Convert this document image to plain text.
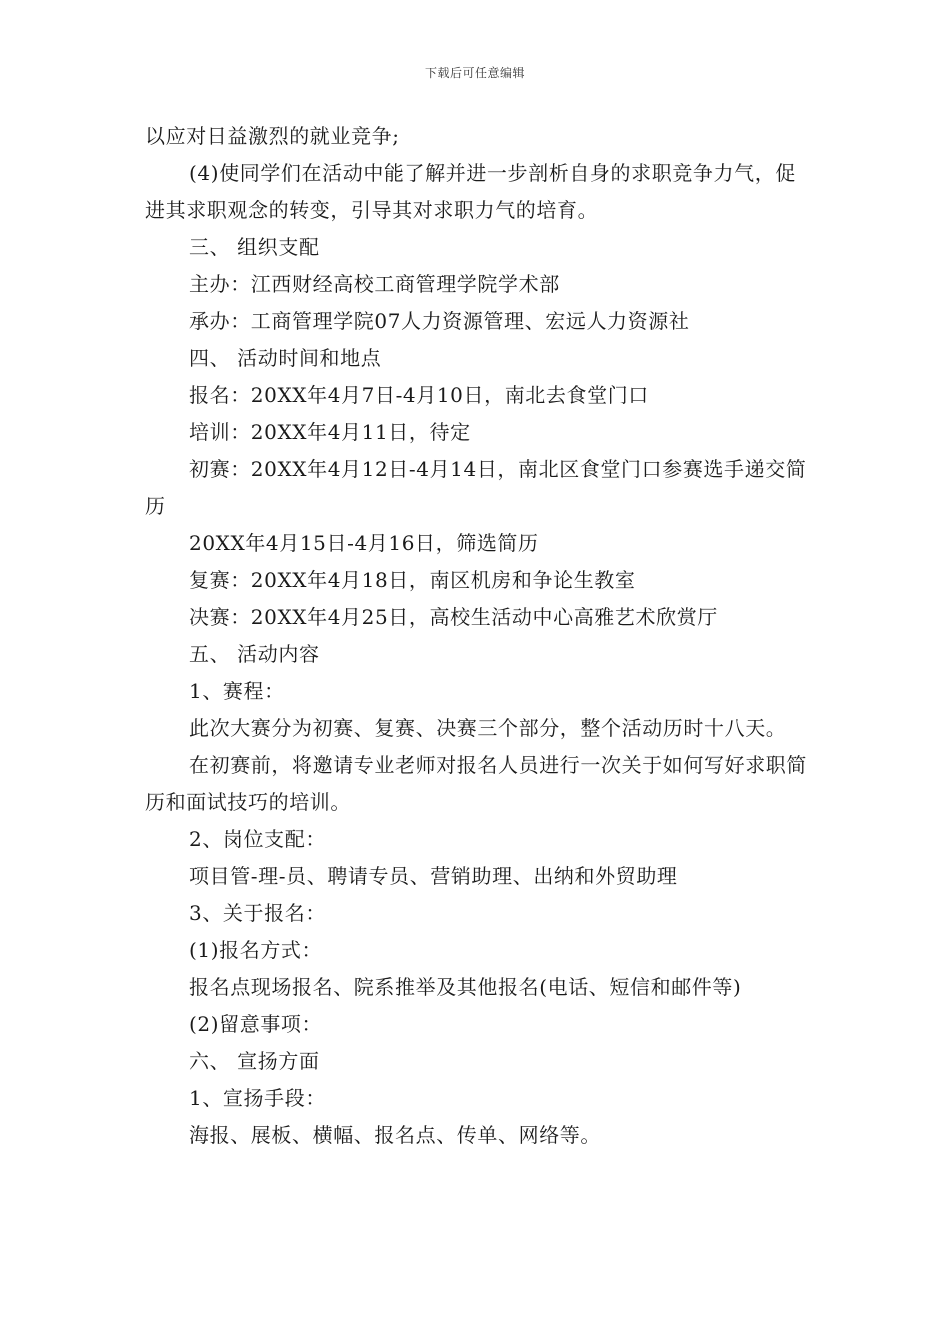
下载后可任意编辑

以应对日益激烈的就业竞争;

(4)使同学们在活动中能了解并进一步剖析自身的求职竞争力气，促进其求职观念的转变，引导其对求职力气的培育。

三、 组织支配

主办：江西财经高校工商管理学院学术部

承办：工商管理学院07人力资源管理、宏远人力资源社

四、 活动时间和地点

报名：20XX年4月7日-4月10日，南北去食堂门口

培训：20XX年4月11日，待定

初赛：20XX年4月12日-4月14日，南北区食堂门口参赛选手递交简历

20XX年4月15日-4月16日，筛选简历

复赛：20XX年4月18日，南区机房和争论生教室

决赛：20XX年4月25日，高校生活动中心高雅艺术欣赏厅

五、 活动内容

1、赛程：

此次大赛分为初赛、复赛、决赛三个部分，整个活动历时十八天。

在初赛前，将邀请专业老师对报名人员进行一次关于如何写好求职简历和面试技巧的培训。

2、岗位支配：

项目管-理-员、聘请专员、营销助理、出纳和外贸助理

3、关于报名：

(1)报名方式：

报名点现场报名、院系推举及其他报名(电话、短信和邮件等)

(2)留意事项：

六、 宣扬方面

1、宣扬手段：

海报、展板、横幅、报名点、传单、网络等。
